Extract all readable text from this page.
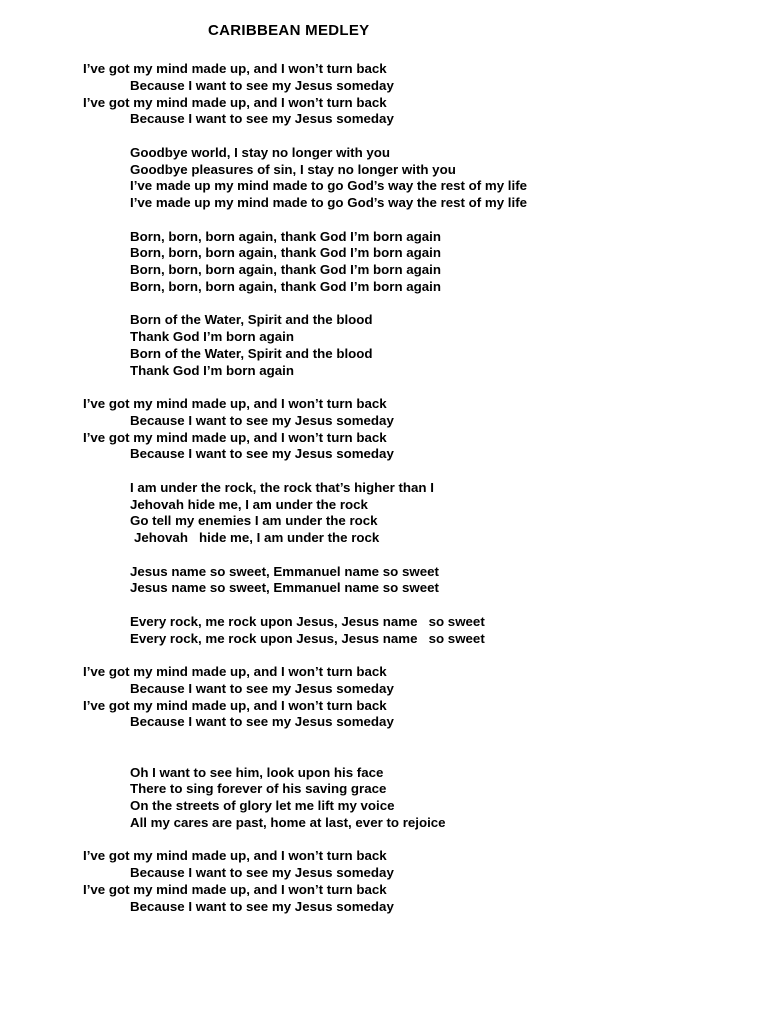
CARIBBEAN MEDLEY
I’ve got my mind made up, and I won’t turn back
Because I want to see my Jesus someday
I’ve got my mind made up, and I won’t turn back
Because I want to see my Jesus someday
Goodbye world, I stay no longer with you
Goodbye pleasures of sin, I stay no longer with you
I’ve made up my mind made to go God’s way the rest of my life
I’ve made up my mind made to go God’s way the rest of my life
Born, born, born again, thank God I’m born again
Born, born, born again, thank God I’m born again
Born, born, born again, thank God I’m born again
Born, born, born again, thank God I’m born again
Born of the Water, Spirit and the blood
Thank God I’m born again
Born of the Water, Spirit and the blood
Thank God I’m born again
I’ve got my mind made up, and I won’t turn back
Because I want to see my Jesus someday
I’ve got my mind made up, and I won’t turn back
Because I want to see my Jesus someday
I am under the rock, the rock that’s higher than I
Jehovah hide me, I am under the rock
Go tell my enemies I am under the rock
Jehovah   hide me, I am under the rock
Jesus name so sweet, Emmanuel name so sweet
Jesus name so sweet, Emmanuel name so sweet
Every rock, me rock upon Jesus, Jesus name   so sweet
Every rock, me rock upon Jesus, Jesus name   so sweet
I’ve got my mind made up, and I won’t turn back
Because I want to see my Jesus someday
I’ve got my mind made up, and I won’t turn back
Because I want to see my Jesus someday
Oh I want to see him, look upon his face
There to sing forever of his saving grace
On the streets of glory let me lift my voice
All my cares are past, home at last, ever to rejoice
I’ve got my mind made up, and I won’t turn back
Because I want to see my Jesus someday
I’ve got my mind made up, and I won’t turn back
Because I want to see my Jesus someday
